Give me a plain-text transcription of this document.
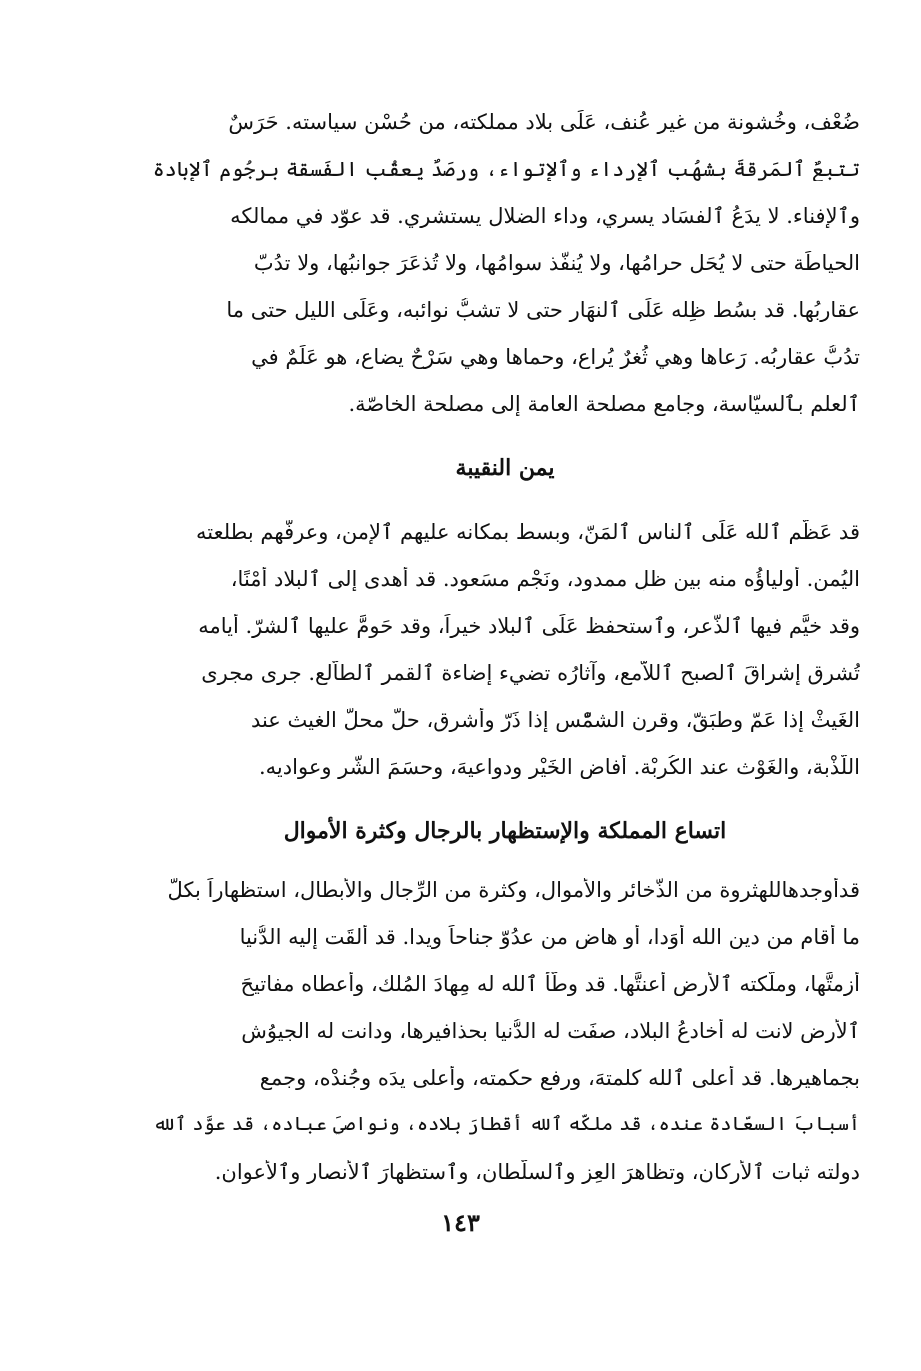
ضُعْف، وخُشونة من غير عُنف، عَلَى بلاد مملكته، من حُسْن سياسته. حَرَسٌ
تتبعٌ ٱلمَرقةَ بشهُب ٱلإرداء وٱلإتواء، ورصَدٌ يعقُب الفَسقة برجُوم ٱلإبادة
وٱلإفناء. لا يدَعُ ٱلفسَاد يسري، وداء الضلال يستشري. قد عوّد في ممالكه
الحياطَة حتى لا يُحَل حرامُها، ولا يُنفّذ سوامُها، ولا تُذعَرَ جوانبُها، ولا تدُبّ
عقاربُها. قد بسُط ظِله عَلَى ٱلنهَار حتى لا تشبُّ نوائبه، وعَلَى الليل حتى ما
تدُبُّ عقاربُه. رَعاها وهي ثُغرٌ يُراع، وحماها وهي سَرْحٌ يضاع، هو عَلَمٌ في
ٱلعلم بٱلسيّاسة، وجامع مصلحة العامة إلى مصلحة الخاصّة.
يمن النقيبة
قد عَظَّم ٱلله عَلَى ٱلناس ٱلمَنّ، وبسط بمكانه عليهم ٱلإمن، وعرفّهم بطلعته
اليُمن. أولياؤُه منه بين ظلٍ ممدود، ونَجْمٍ مسَعود. قد أهدى إلى ٱلبلاد أمْنًا،
وقد خيَّم فيها ٱلذُّعر، وٱستحفظ عَلَى ٱلبلاد خيراً، وقد حَومَّ عليها ٱلشرّ. أيامه
تُشرِق إشراقَ ٱلصبح ٱللاّمع، وآثارُه تضيء إضاءة ٱلقمر ٱلطاّلع. جرى مجرى
الغَيثْ إذا عَمّ وطبَقّ، وقرن الشمّْس إذا ذَرّ وأشرق، حلَّ محلَّ الغيث عند
اللّذْبة، والغَوْث عند الكُربْة. أفاض الخَيْر ودواعيهَ، وحسَمَ الشّر وعواديه.
اتساع المملكة والإستظهار بالرجال وكثرة الأموال
قدأوجدهاللهثروة من الذَّخائر والأَموال، وكثرة من الرِّجال والأبطال، استظهاراً بكلّ
ما أقام من دين الله أَوَدا، أو هاض من عدُوّ جناحاً ويدا. قد ألقَت إليه الدُّنيا
أزمتَّها، وملَّكته ٱلأرض أعنتَّها. قد وطَّأ ٱلله له مِهادَ المُلك، وأعطاه مفاتيحَ
ٱلأرض لانت له أخادعُ البلاد، صفَت له الدُّنيا بحذافيرها، ودانت له الجيوُش
بجماهيرها. قد أعلى ٱلله كلمتهَ، ورفع حكمته، وأعلى يدَه وجُندْه، وجمع
أسبابَ السعّادة عنده، قد ملكّه ٱلله أقطارَ بلاده، ونواصيَ عباده، قد عوَّد ٱلله
دولته ثبات ٱلأركان، وتظاهرَ العِز وٱلسلّطان، وٱستظهارَ ٱلأنصار وٱلأعوان.
١٤٣
